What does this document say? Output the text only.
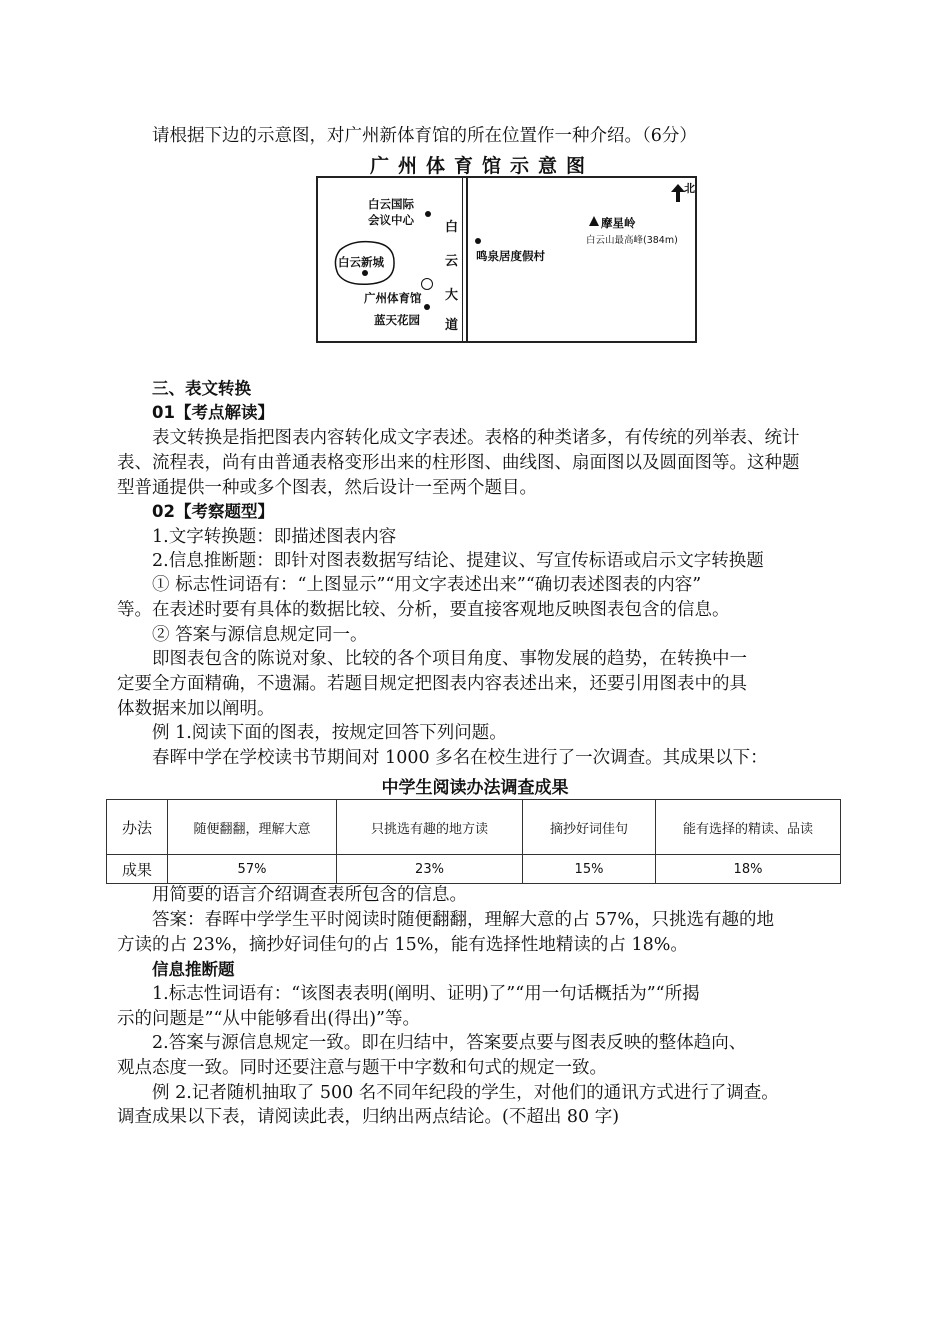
请根据下边的示意图，对广州新体育馆的所在位置作一种介绍。（6分）
广州体育馆示意图
白
云
大
道
白云国际
会议中心
白云新城
广州体育馆
蓝天花园
鸣泉居度假村
摩星岭
白云山最高峰(384m)
北
三、表文转换
01【考点解读】
表文转换是指把图表内容转化成文字表述。表格的种类诸多，有传统的列举表、统计
表、流程表，尚有由普通表格变形出来的柱形图、曲线图、扇面图以及圆面图等。这种题
型普通提供一种或多个图表，然后设计一至两个题目。
02【考察题型】
1.文字转换题：即描述图表内容
2.信息推断题：即针对图表数据写结论、提建议、写宣传标语或启示文字转换题
① 标志性词语有：“上图显示”“用文字表述出来”“确切表述图表的内容”
等。在表述时要有具体的数据比较、分析，要直接客观地反映图表包含的信息。
② 答案与源信息规定同一。
即图表包含的陈说对象、比较的各个项目角度、事物发展的趋势，在转换中一
定要全方面精确，不遗漏。若题目规定把图表内容表述出来，还要引用图表中的具
体数据来加以阐明。
例 1.阅读下面的图表，按规定回答下列问题。
春晖中学在学校读书节期间对 1000 多名在校生进行了一次调查。其成果以下：
中学生阅读办法调查成果
办法	随便翻翻，理解大意	只挑选有趣的地方读	摘抄好词佳句	能有选择的精读、品读
成果	57%	23%	15%	18%
用简要的语言介绍调查表所包含的信息。
答案：春晖中学学生平时阅读时随便翻翻，理解大意的占 57%，只挑选有趣的地
方读的占 23%，摘抄好词佳句的占 15%，能有选择性地精读的占 18%。
信息推断题
1.标志性词语有：“该图表表明(阐明、证明)了”“用一句话概括为”“所揭
示的问题是”“从中能够看出(得出)”等。
2.答案与源信息规定一致。即在归结中，答案要点要与图表反映的整体趋向、
观点态度一致。同时还要注意与题干中字数和句式的规定一致。
例 2.记者随机抽取了 500 名不同年纪段的学生，对他们的通讯方式进行了调查。
调查成果以下表，请阅读此表，归纳出两点结论。(不超出 80 字)
